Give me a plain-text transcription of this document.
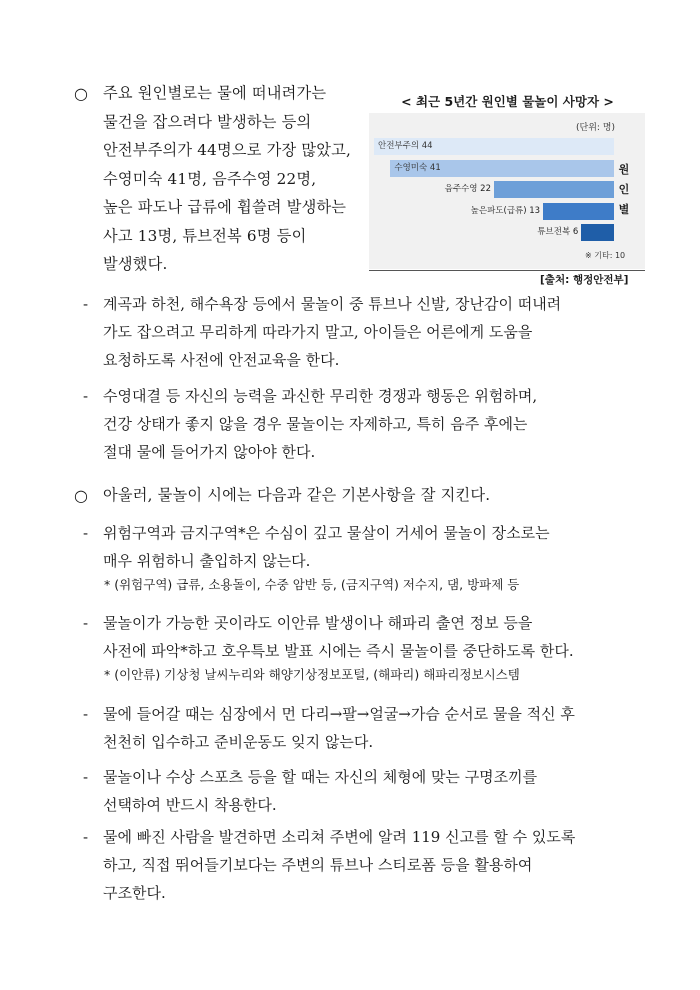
○ 주요 원인별로는 물에 떠내려가는
물건을 잡으려다 발생하는 등의
안전부주의가 44명으로 가장 많았고,
수영미숙 41명, 음주수영 22명,
높은 파도나 급류에 휩쓸려 발생하는
사고 13명, 튜브전복 6명 등이
발생했다.
< 최근 5년간 원인별 물놀이 사망자 >
(단위: 명)
안전부주의 44
수영미숙 41
음주수영 22
높은파도(급류) 13
튜브전복 6
원
인
별
※ 기타: 10
[출처: 행정안전부]
- 계곡과 하천, 해수욕장 등에서 물놀이 중 튜브나 신발, 장난감이 떠내려
가도 잡으려고 무리하게 따라가지 말고, 아이들은 어른에게 도움을
요청하도록 사전에 안전교육을 한다.
- 수영대결 등 자신의 능력을 과신한 무리한 경쟁과 행동은 위험하며,
건강 상태가 좋지 않을 경우 물놀이는 자제하고, 특히 음주 후에는
절대 물에 들어가지 않아야 한다.
○ 아울러, 물놀이 시에는 다음과 같은 기본사항을 잘 지킨다.
- 위험구역과 금지구역*은 수심이 깊고 물살이 거세어 물놀이 장소로는
매우 위험하니 출입하지 않는다.
* (위험구역) 급류, 소용돌이, 수중 암반 등, (금지구역) 저수지, 댐, 방파제 등
- 물놀이가 가능한 곳이라도 이안류 발생이나 해파리 출연 정보 등을
사전에 파악*하고 호우특보 발표 시에는 즉시 물놀이를 중단하도록 한다.
* (이안류) 기상청 날씨누리와 해양기상정보포털, (해파리) 해파리정보시스템
- 물에 들어갈 때는 심장에서 먼 다리→팔→얼굴→가슴 순서로 물을 적신 후
천천히 입수하고 준비운동도 잊지 않는다.
- 물놀이나 수상 스포츠 등을 할 때는 자신의 체형에 맞는 구명조끼를
선택하여 반드시 착용한다.
- 물에 빠진 사람을 발견하면 소리쳐 주변에 알려 119 신고를 할 수 있도록
하고, 직접 뛰어들기보다는 주변의 튜브나 스티로폼 등을 활용하여
구조한다.
